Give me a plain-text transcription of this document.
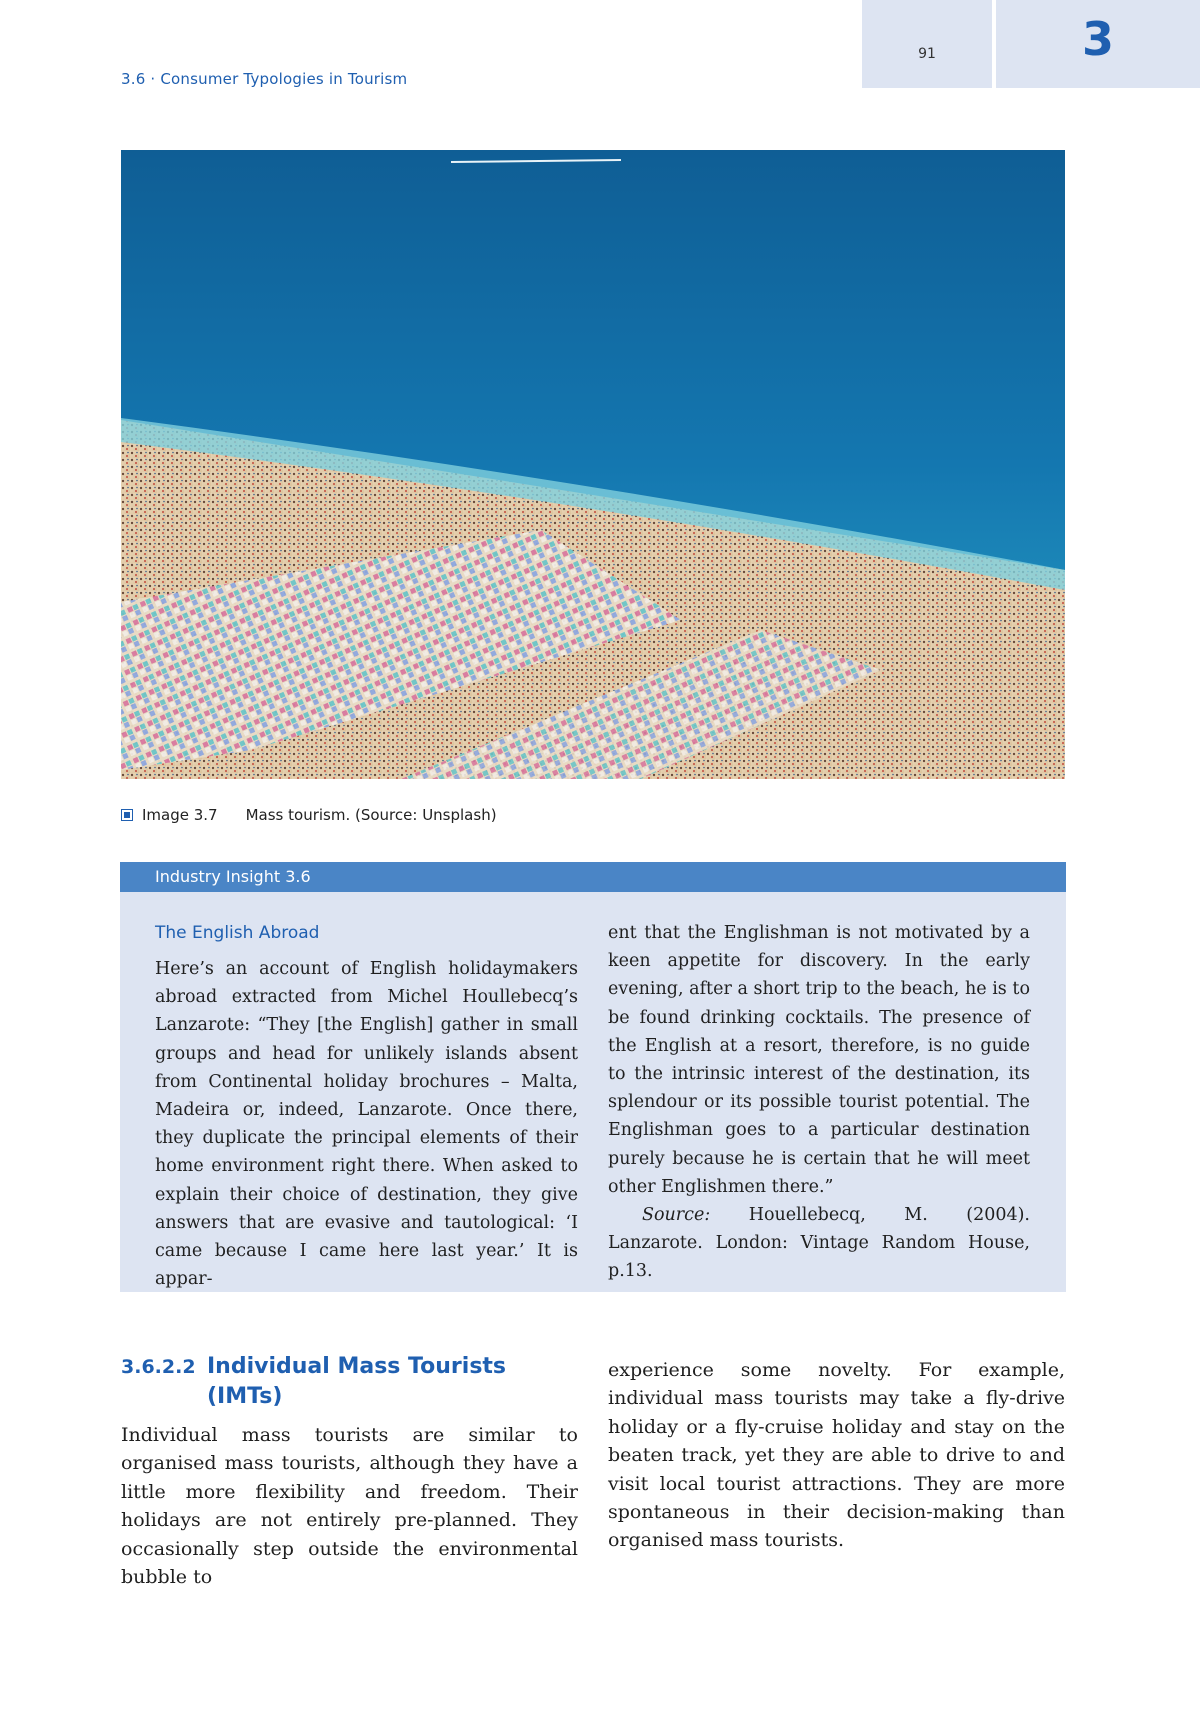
3.6 · Consumer Typologies in Tourism
91	3
Image 3.7 Mass tourism. (Source: Unsplash)
Industry Insight 3.6
The English Abroad

Here’s an account of English holidaymakers abroad extracted from Michel Houllebecq’s Lanzarote: “They [the English] gather in small groups and head for unlikely islands absent from Continental holiday brochures – Malta, Madeira or, indeed, Lanzarote. Once there, they duplicate the principal elements of their home environment right there. When asked to explain their choice of destination, they give answers that are evasive and tautological: ‘I came because I came here last year.’ It is appar-

ent that the Englishman is not motivated by a keen appetite for discovery. In the early evening, after a short trip to the beach, he is to be found drinking cocktails. The presence of the English at a resort, therefore, is no guide to the intrinsic interest of the destination, its splendour or its possible tourist potential. The Englishman goes to a particular destination purely because he is certain that he will meet other Englishmen there.”

Source: Houellebecq, M. (2004). Lanzarote. London: Vintage Random House, p.13.

3.6.2.2 Individual Mass Tourists (IMTs)

Individual mass tourists are similar to organised mass tourists, although they have a little more flexibility and freedom. Their holidays are not entirely pre-planned. They occasionally step outside the environmental bubble to

experience some novelty. For example, individual mass tourists may take a fly-drive holiday or a fly-cruise holiday and stay on the beaten track, yet they are able to drive to and visit local tourist attractions. They are more spontaneous in their decision-making than organised mass tourists.
